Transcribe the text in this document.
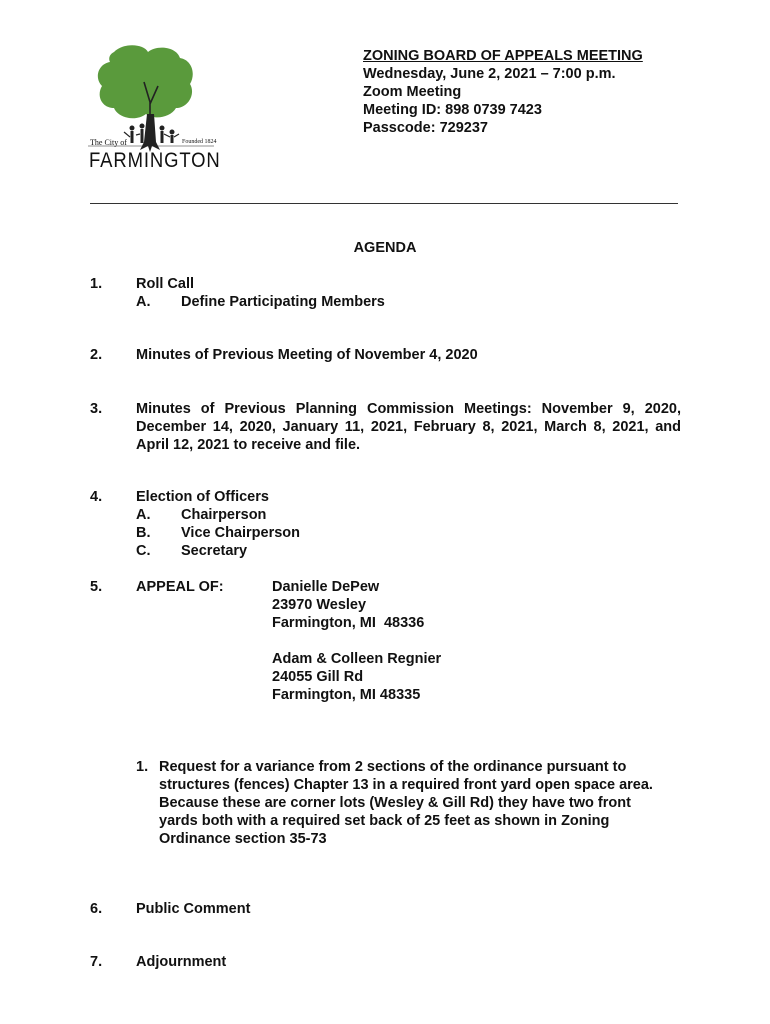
The City of	Founded 1824
FARMINGTON
ZONING BOARD OF APPEALS MEETING
Wednesday, June 2, 2021 – 7:00 p.m.
Zoom Meeting
Meeting ID: 898 0739 7423
Passcode: 729237
AGENDA
1. Roll Call
A. Define Participating Members
2. Minutes of Previous Meeting of November 4, 2020
3. Minutes of Previous Planning Commission Meetings: November 9, 2020,
December 14, 2020, January 11, 2021, February 8, 2021, March 8, 2021, and
April 12, 2021 to receive and file.
4. Election of Officers
A. Chairperson
B. Vice Chairperson
C. Secretary
5. APPEAL OF:	Danielle DePew
23970 Wesley
Farmington, MI  48336
Adam & Colleen Regnier
24055 Gill Rd
Farmington, MI 48335
1. Request for a variance from 2 sections of the ordinance pursuant to
structures (fences) Chapter 13 in a required front yard open space area.
Because these are corner lots (Wesley & Gill Rd) they have two front
yards both with a required set back of 25 feet as shown in Zoning
Ordinance section 35-73
6. Public Comment
7. Adjournment
